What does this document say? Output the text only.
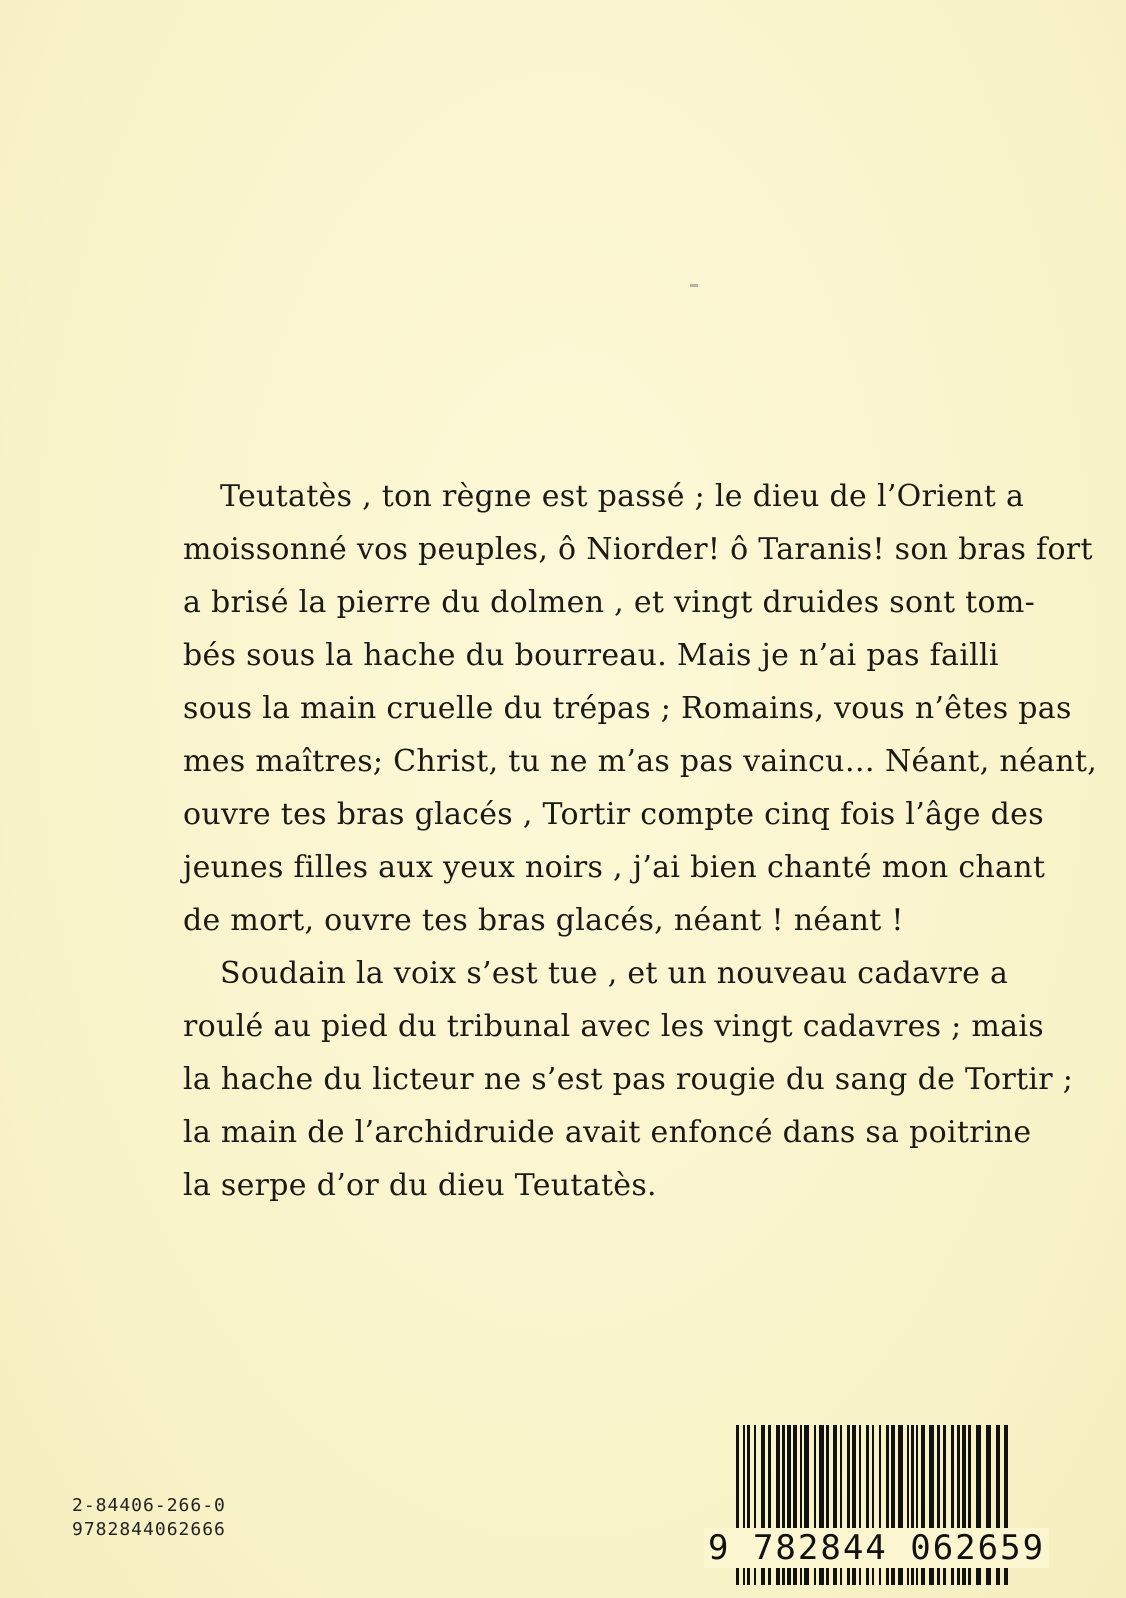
Teutatès , ton règne est passé ; le dieu de l’Orient a
moissonné vos peuples, ô Niorder! ô Taranis! son bras fort
a brisé la pierre du dolmen , et vingt druides sont tom-
bés sous la hache du bourreau. Mais je n’ai pas failli
sous la main cruelle du trépas ; Romains, vous n’êtes pas
mes maîtres; Christ, tu ne m’as pas vaincu… Néant, néant,
ouvre tes bras glacés , Tortir compte cinq fois l’âge des
jeunes filles aux yeux noirs , j’ai bien chanté mon chant
de mort, ouvre tes bras glacés, néant ! néant !
Soudain la voix s’est tue , et un nouveau cadavre a
roulé au pied du tribunal avec les vingt cadavres ; mais
la hache du licteur ne s’est pas rougie du sang de Tortir ;
la main de l’archidruide avait enfoncé dans sa poitrine
la serpe d’or du dieu Teutatès.
2-84406-266-0
9782844062666	9 782844 062659
